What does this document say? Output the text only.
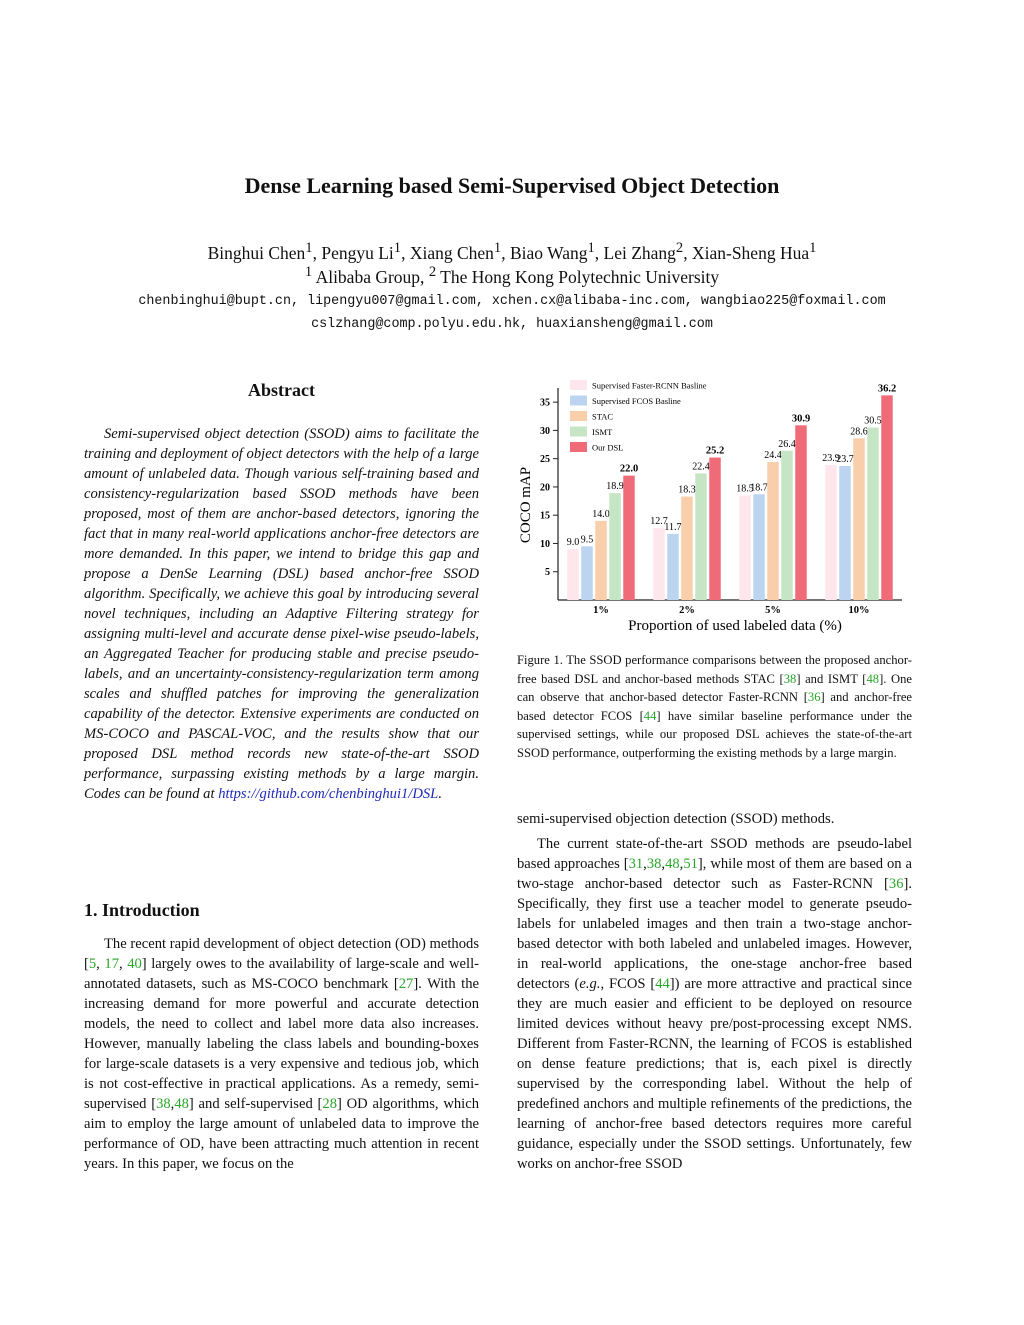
Dense Learning based Semi-Supervised Object Detection
Binghui Chen$^1$, Pengyu Li$^1$, Xiang Chen$^1$, Biao Wang$^1$, Lei Zhang$^2$, Xian-Sheng Hua$^1$
$^1$ Alibaba Group, $^2$ The Hong Kong Polytechnic University
chenbinghui@bupt.cn, lipengyu007@gmail.com, xchen.cx@alibaba-inc.com, wangbiao225@foxmail.com
cslzhang@comp.polyu.edu.hk, huaxiansheng@gmail.com
Abstract
Semi-supervised object detection (SSOD) aims to facilitate the training and deployment of object detectors with the help of a large amount of unlabeled data. Though various self-training based and consistency-regularization based SSOD methods have been proposed, most of them are anchor-based detectors, ignoring the fact that in many real-world applications anchor-free detectors are more demanded. In this paper, we intend to bridge this gap and propose a DenSe Learning (DSL) based anchor-free SSOD algorithm. Specifically, we achieve this goal by introducing several novel techniques, including an Adaptive Filtering strategy for assigning multi-level and accurate dense pixel-wise pseudo-labels, an Aggregated Teacher for producing stable and precise pseudo-labels, and an uncertainty-consistency-regularization term among scales and shuffled patches for improving the generalization capability of the detector. Extensive experiments are conducted on MS-COCO and PASCAL-VOC, and the results show that our proposed DSL method records new state-of-the-art SSOD performance, surpassing existing methods by a large margin. Codes can be found at https://github.com/chenbinghui1/DSL.
1. Introduction
The recent rapid development of object detection (OD) methods [5, 17, 40] largely owes to the availability of large-scale and well-annotated datasets, such as MS-COCO benchmark [27]. With the increasing demand for more powerful and accurate detection models, the need to collect and label more data also increases. However, manually labeling the class labels and bounding-boxes for large-scale datasets is a very expensive and tedious job, which is not cost-effective in practical applications. As a remedy, semi-supervised [38,48] and self-supervised [28] OD algorithms, which aim to employ the large amount of unlabeled data to improve the performance of OD, have been attracting much attention in recent years. In this paper, we focus on the
5
10
15
20
25
30
35
9.0 9.5
14.0
18.9
22.0
1%
12.7
11.7
18.3
22.4
25.2
2%
18.5
18.7
24.4
26.4
30.9
5%
23.9
23.7
28.6
30.5
36.2
10%
Supervised Faster-RCNN Basline
Supervised FCOS Basline
STAC
ISMT
Our DSL
COCO mAP
Proportion of used labeled data (%)
Figure 1. The SSOD performance comparisons between the proposed anchor-free based DSL and anchor-based methods STAC [38] and ISMT [48]. One can observe that anchor-based detector Faster-RCNN [36] and anchor-free based detector FCOS [44] have similar baseline performance under the supervised settings, while our proposed DSL achieves the state-of-the-art SSOD performance, outperforming the existing methods by a large margin.
semi-supervised objection detection (SSOD) methods.
The current state-of-the-art SSOD methods are pseudo-label based approaches [31,38,48,51], while most of them are based on a two-stage anchor-based detector such as Faster-RCNN [36]. Specifically, they first use a teacher model to generate pseudo-labels for unlabeled images and then train a two-stage anchor-based detector with both labeled and unlabeled images. However, in real-world applications, the one-stage anchor-free based detectors (e.g., FCOS [44]) are more attractive and practical since they are much easier and efficient to be deployed on resource limited devices without heavy pre/post-processing except NMS. Different from Faster-RCNN, the learning of FCOS is established on dense feature predictions; that is, each pixel is directly supervised by the corresponding label. Without the help of predefined anchors and multiple refinements of the predictions, the learning of anchor-free based detectors requires more careful guidance, especially under the SSOD settings. Unfortunately, few works on anchor-free SSOD
